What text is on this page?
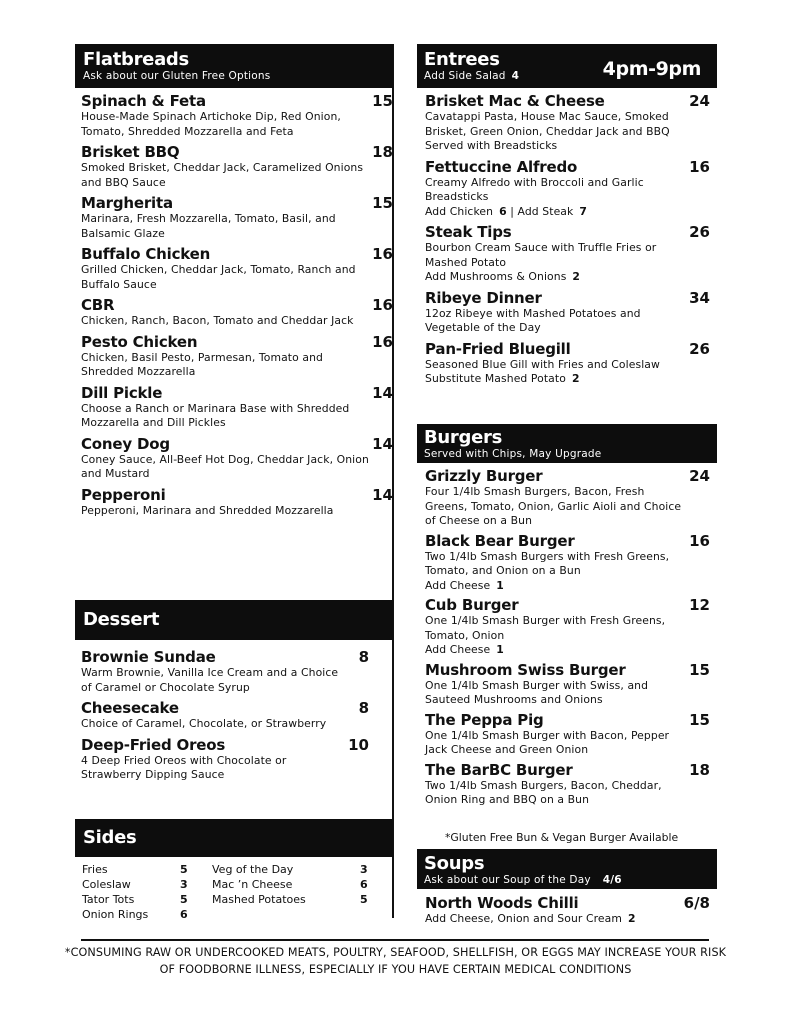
Flatbreads
Ask about our Gluten Free Options
Spinach & Feta	15
House-Made Spinach Artichoke Dip, Red Onion, Tomato, Shredded Mozzarella and Feta
Brisket BBQ	18
Smoked Brisket, Cheddar Jack, Caramelized Onions and BBQ Sauce
Margherita	15
Marinara, Fresh Mozzarella, Tomato, Basil, and Balsamic Glaze
Buffalo Chicken	16
Grilled Chicken, Cheddar Jack, Tomato, Ranch and Buffalo Sauce
CBR	16
Chicken, Ranch, Bacon, Tomato and Cheddar Jack
Pesto Chicken	16
Chicken, Basil Pesto, Parmesan, Tomato and Shredded Mozzarella
Dill Pickle	14
Choose a Ranch or Marinara Base with Shredded Mozzarella and Dill Pickles
Coney Dog	14
Coney Sauce, All-Beef Hot Dog, Cheddar Jack, Onion and Mustard
Pepperoni	14
Pepperoni, Marinara and Shredded Mozzarella
Dessert
Brownie Sundae	8
Warm Brownie, Vanilla Ice Cream and a Choice of Caramel or Chocolate Syrup
Cheesecake	8
Choice of Caramel, Chocolate, or Strawberry
Deep-Fried Oreos	10
4 Deep Fried Oreos with Chocolate or Strawberry Dipping Sauce
Sides
Fries	5 Veg of the Day	3
Coleslaw	3 Mac ’n Cheese	6
Tator Tots	5 Mashed Potatoes	5
Onion Rings	6
Entrees
Add Side Salad 4	4pm-9pm
Brisket Mac & Cheese	24
Cavatappi Pasta, House Mac Sauce, Smoked Brisket, Green Onion, Cheddar Jack and BBQ Served with Breadsticks
Fettuccine Alfredo	16
Creamy Alfredo with Broccoli and Garlic Breadsticks
Add Chicken 6 | Add Steak 7
Steak Tips	26
Bourbon Cream Sauce with Truffle Fries or Mashed Potato
Add Mushrooms & Onions 2
Ribeye Dinner	34
12oz Ribeye with Mashed Potatoes and Vegetable of the Day
Pan-Fried Bluegill	26
Seasoned Blue Gill with Fries and Coleslaw
Substitute Mashed Potato 2
Burgers
Served with Chips, May Upgrade
Grizzly Burger	24
Four 1/4lb Smash Burgers, Bacon, Fresh Greens, Tomato, Onion, Garlic Aioli and Choice of Cheese on a Bun
Black Bear Burger	16
Two 1/4lb Smash Burgers with Fresh Greens, Tomato, and Onion on a Bun
Add Cheese 1
Cub Burger	12
One 1/4lb Smash Burger with Fresh Greens, Tomato, Onion
Add Cheese 1
Mushroom Swiss Burger	15
One 1/4lb Smash Burger with Swiss, and Sauteed Mushrooms and Onions
The Peppa Pig	15
One 1/4lb Smash Burger with Bacon, Pepper Jack Cheese and Green Onion
The BarBC Burger	18
Two 1/4lb Smash Burgers, Bacon, Cheddar, Onion Ring and BBQ on a Bun
Soups
Ask about our Soup of the Day 4/6
North Woods Chilli	6/8
Add Cheese, Onion and Sour Cream 2
*Gluten Free Bun & Vegan Burger Available
*CONSUMING RAW OR UNDERCOOKED MEATS, POULTRY, SEAFOOD, SHELLFISH, OR EGGS MAY INCREASE YOUR RISK OF FOODBORNE ILLNESS, ESPECIALLY IF YOU HAVE CERTAIN MEDICAL CONDITIONS
